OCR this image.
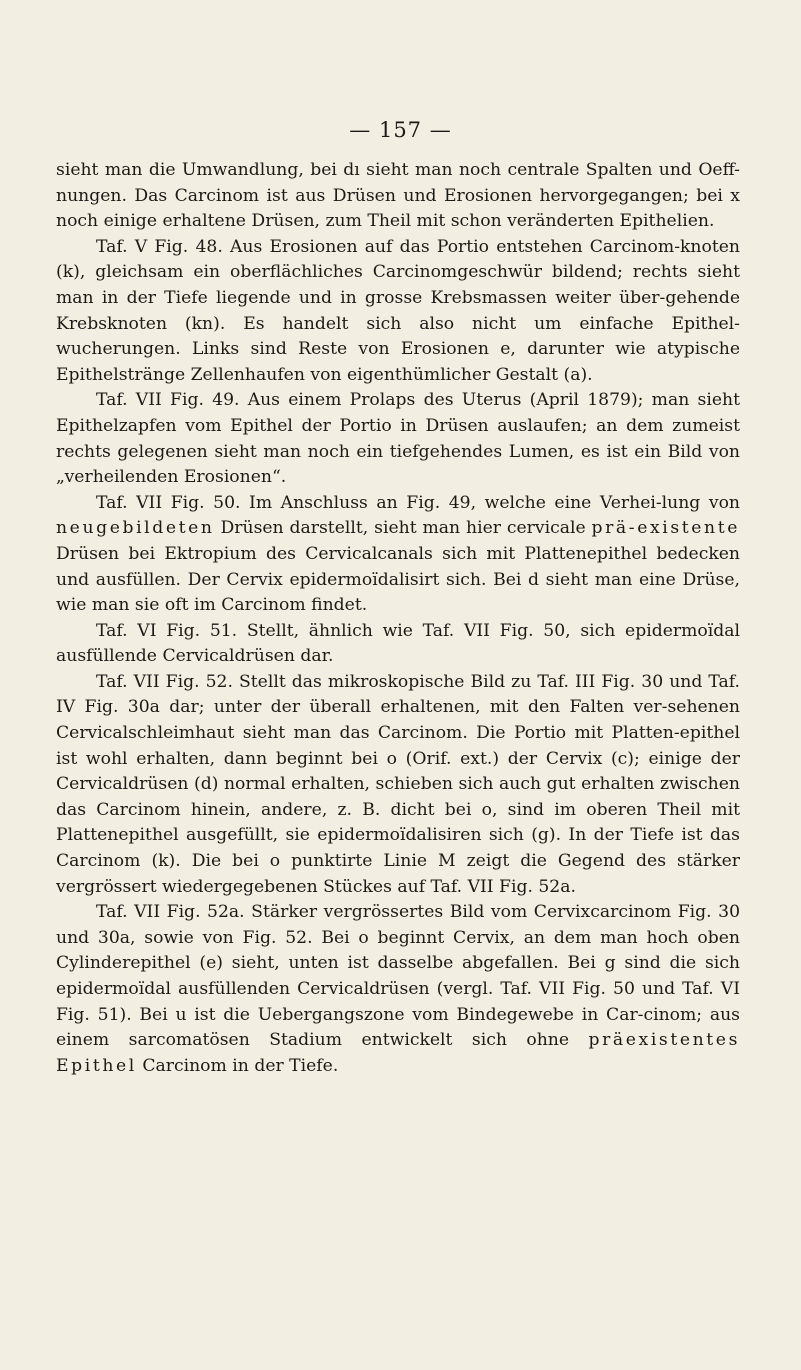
— 157 —

sieht man die Umwandlung, bei dı sieht man noch centrale Spalten und Oeff-nungen. Das Carcinom ist aus Drüsen und Erosionen hervorgegangen; bei x noch einige erhaltene Drüsen, zum Theil mit schon veränderten Epithelien.

Taf. V Fig. 48. Aus Erosionen auf das Portio entstehen Carcinom-knoten (k), gleichsam ein oberflächliches Carcinomgeschwür bildend; rechts sieht man in der Tiefe liegende und in grosse Krebsmassen weiter über-gehende Krebsknoten (kn). Es handelt sich also nicht um einfache Epithel-wucherungen. Links sind Reste von Erosionen e, darunter wie atypische Epithelstränge Zellenhaufen von eigenthümlicher Gestalt (a).

Taf. VII Fig. 49. Aus einem Prolaps des Uterus (April 1879); man sieht Epithelzapfen vom Epithel der Portio in Drüsen auslaufen; an dem zumeist rechts gelegenen sieht man noch ein tiefgehendes Lumen, es ist ein Bild von „verheilenden Erosionen“.

Taf. VII Fig. 50. Im Anschluss an Fig. 49, welche eine Verhei-lung von neugebildeten Drüsen darstellt, sieht man hier cervicale prä-existente Drüsen bei Ektropium des Cervicalcanals sich mit Plattenepithel bedecken und ausfüllen. Der Cervix epidermoïdalisirt sich. Bei d sieht man eine Drüse, wie man sie oft im Carcinom findet.

Taf. VI Fig. 51. Stellt, ähnlich wie Taf. VII Fig. 50, sich epidermoïdal ausfüllende Cervicaldrüsen dar.

Taf. VII Fig. 52. Stellt das mikroskopische Bild zu Taf. III Fig. 30 und Taf. IV Fig. 30a dar; unter der überall erhaltenen, mit den Falten ver-sehenen Cervicalschleimhaut sieht man das Carcinom. Die Portio mit Platten-epithel ist wohl erhalten, dann beginnt bei o (Orif. ext.) der Cervix (c); einige der Cervicaldrüsen (d) normal erhalten, schieben sich auch gut erhalten zwischen das Carcinom hinein, andere, z. B. dicht bei o, sind im oberen Theil mit Plattenepithel ausgefüllt, sie epidermoïdalisiren sich (g). In der Tiefe ist das Carcinom (k). Die bei o punktirte Linie M zeigt die Gegend des stärker vergrössert wiedergegebenen Stückes auf Taf. VII Fig. 52a.

Taf. VII Fig. 52a. Stärker vergrössertes Bild vom Cervixcarcinom Fig. 30 und 30a, sowie von Fig. 52. Bei o beginnt Cervix, an dem man hoch oben Cylinderepithel (e) sieht, unten ist dasselbe abgefallen. Bei g sind die sich epidermoïdal ausfüllenden Cervicaldrüsen (vergl. Taf. VII Fig. 50 und Taf. VI Fig. 51). Bei u ist die Uebergangszone vom Bindegewebe in Car-cinom; aus einem sarcomatösen Stadium entwickelt sich ohne präexistentes Epithel Carcinom in der Tiefe.
